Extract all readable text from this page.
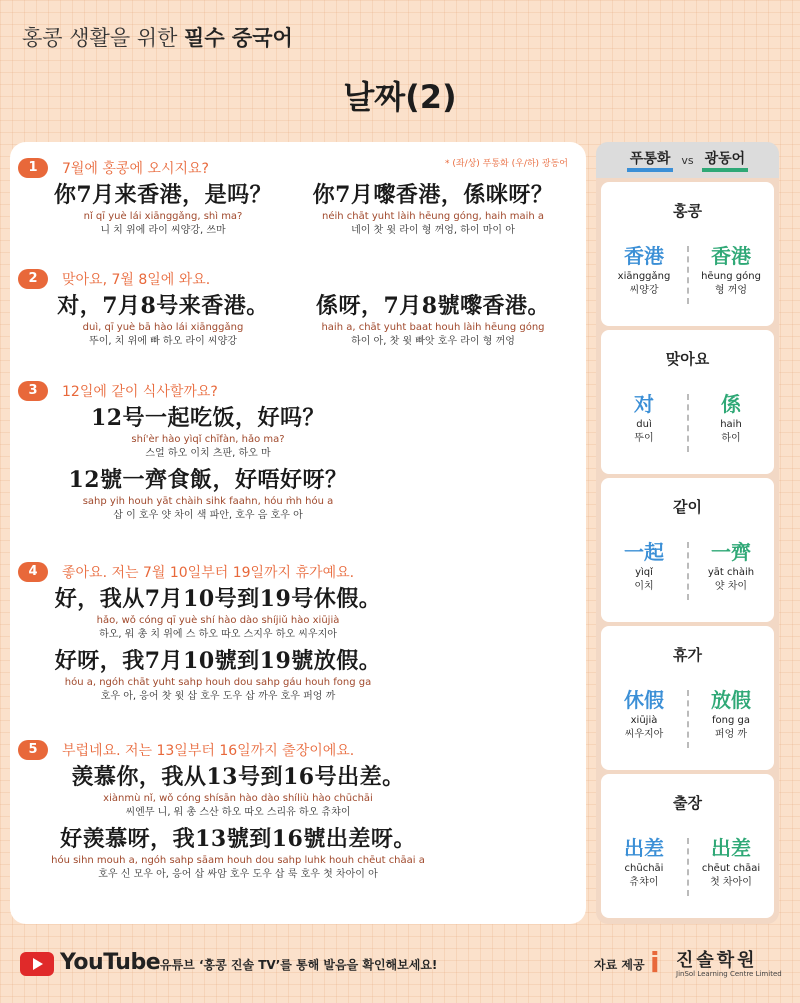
홍콩 생활을 위한 필수 중국어
날짜(2)
* (좌/상) 푸통화 (우/하) 광동어
1	7월에 홍콩에 오시지요?
你7月来香港，是吗？
nǐ qī yuè lái xiānggǎng, shì ma?
니 치 위에 라이 씨양강, 쓰마
你7月嚟香港，係咪呀？
néih chāt yuht làih hēung góng, haih maih a
네이 찻 윗 라이 형 꺼엉, 하이 마이 아
2	맞아요, 7월 8일에 와요.
对，7月8号来香港。
duì, qī yuè bā hào lái xiānggǎng
뚜이, 치 위에 빠 하오 라이 씨양강
係呀，7月8號嚟香港。
haih a, chāt yuht baat houh làih hēung góng
하이 아, 찻 윗 빠앗 호우 라이 형 꺼엉
3	12일에 같이 식사할까요?
12号一起吃饭，好吗？
shí'èr hào yìqǐ chīfàn, hǎo ma?
스얼 하오 이치 츠판, 하오 마
12號一齊食飯，好唔好呀？
sahp yih houh yāt chàih sihk faahn, hóu m̀h hóu a
삽 이 호우 얏 차이 색 파안, 호우 음 호우 아
4	좋아요. 저는 7월 10일부터 19일까지 휴가예요.
好，我从7月10号到19号休假。
hǎo, wǒ cóng qī yuè shí hào dào shíjiǔ hào xiūjià
하오, 워 총 치 위에 스 하오 따오 스지우 하오 씨우지아
好呀，我7月10號到19號放假。
hóu a, ngóh chāt yuht sahp houh dou sahp gáu houh fong ga
호우 아, 응어 찻 윗 삽 호우 도우 삽 까우 호우 퍼엉 까
5	부럽네요. 저는 13일부터 16일까지 출장이에요.
羡慕你，我从13号到16号出差。
xiànmù nǐ, wǒ cóng shísān hào dào shíliù hào chūchāi
씨엔무 니, 워 총 스산 하오 따오 스리유 하오 츄챠이
好羡慕呀，我13號到16號出差呀。
hóu sihn mouh a, ngóh sahp sāam houh dou sahp luhk houh chēut chāai a
호우 신 모우 아, 응어 삽 싸암 호우 도우 삽 룩 호우 첫 차아이 아
푸통화 vs 광동어
홍콩
香港
xiānggǎng
씨양강
香港
hēung góng
형 꺼엉
맞아요
对
duì
뚜이
係
haih
하이
같이
一起
yìqǐ
이치
一齊
yāt chàih
얏 차이
휴가
休假
xiūjià
씨우지아
放假
fong ga
퍼엉 까
출장
出差
chūchāi
츄챠이
出差
chēut chāai
첫 차아이
YouTube 유튜브 ‘홍콩 진솔 TV’를 통해 발음을 확인해보세요!	자료 제공 i 진솔학원
JinSol Learning Centre Limited
